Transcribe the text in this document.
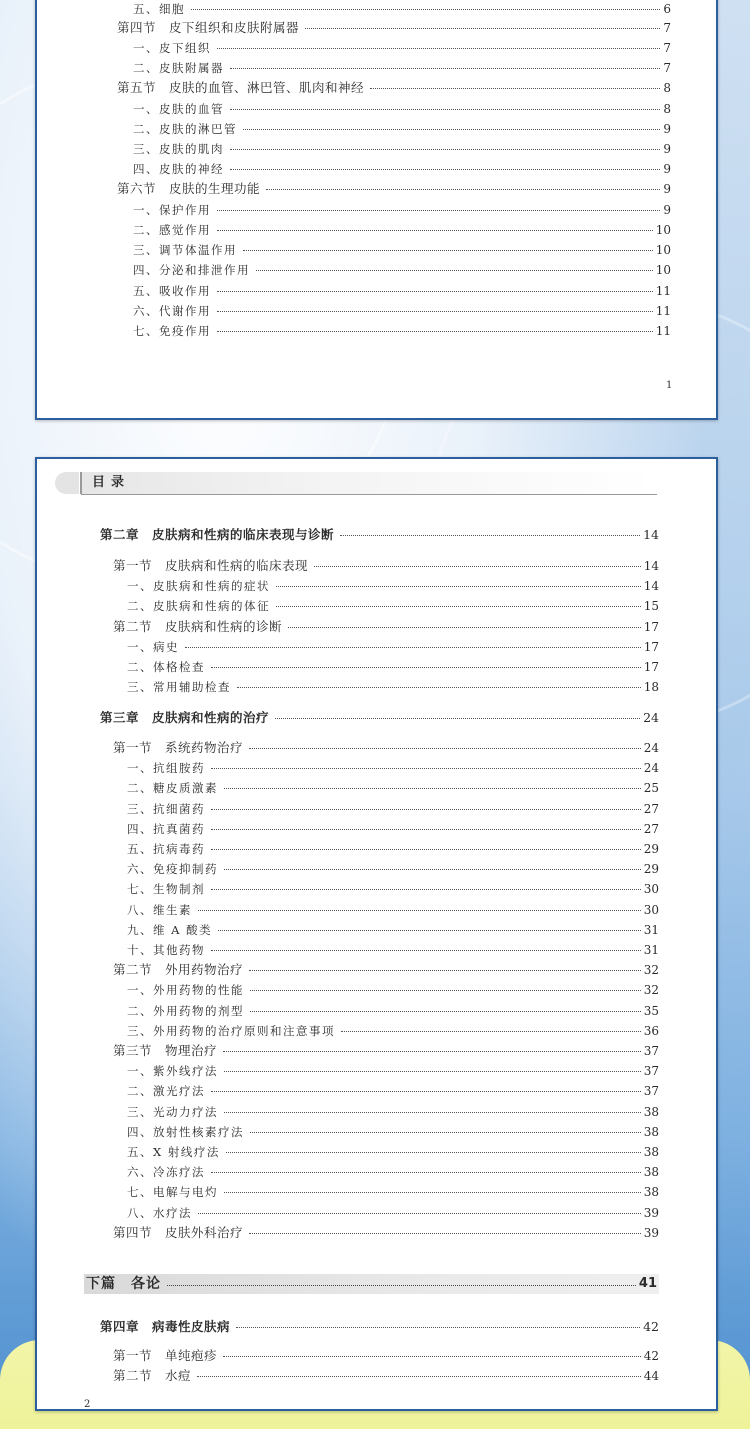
1
五、细胞	6
第四节　皮下组织和皮肤附属器	7
一、皮下组织	7
二、皮肤附属器	7
第五节　皮肤的血管、淋巴管、肌肉和神经	8
一、皮肤的血管	8
二、皮肤的淋巴管	9
三、皮肤的肌肉	9
四、皮肤的神经	9
第六节　皮肤的生理功能	9
一、保护作用	9
二、感觉作用	10
三、调节体温作用	10
四、分泌和排泄作用	10
五、吸收作用	11
六、代谢作用	11
七、免疫作用	11
目录
2
第二章　皮肤病和性病的临床表现与诊断	14
第一节　皮肤病和性病的临床表现	14
一、皮肤病和性病的症状	14
二、皮肤病和性病的体征	15
第二节　皮肤病和性病的诊断	17
一、病史	17
二、体格检查	17
三、常用辅助检查	18
第三章　皮肤病和性病的治疗	24
第一节　系统药物治疗	24
一、抗组胺药	24
二、糖皮质激素	25
三、抗细菌药	27
四、抗真菌药	27
五、抗病毒药	29
六、免疫抑制药	29
七、生物制剂	30
八、维生素	30
九、维 A 酸类	31
十、其他药物	31
第二节　外用药物治疗	32
一、外用药物的性能	32
二、外用药物的剂型	35
三、外用药物的治疗原则和注意事项	36
第三节　物理治疗	37
一、紫外线疗法	37
二、激光疗法	37
三、光动力疗法	38
四、放射性核素疗法	38
五、X 射线疗法	38
六、冷冻疗法	38
七、电解与电灼	38
八、水疗法	39
第四节　皮肤外科治疗	39
下篇　各论	41
第四章　病毒性皮肤病	42
第一节　单纯疱疹	42
第二节　水痘	44
